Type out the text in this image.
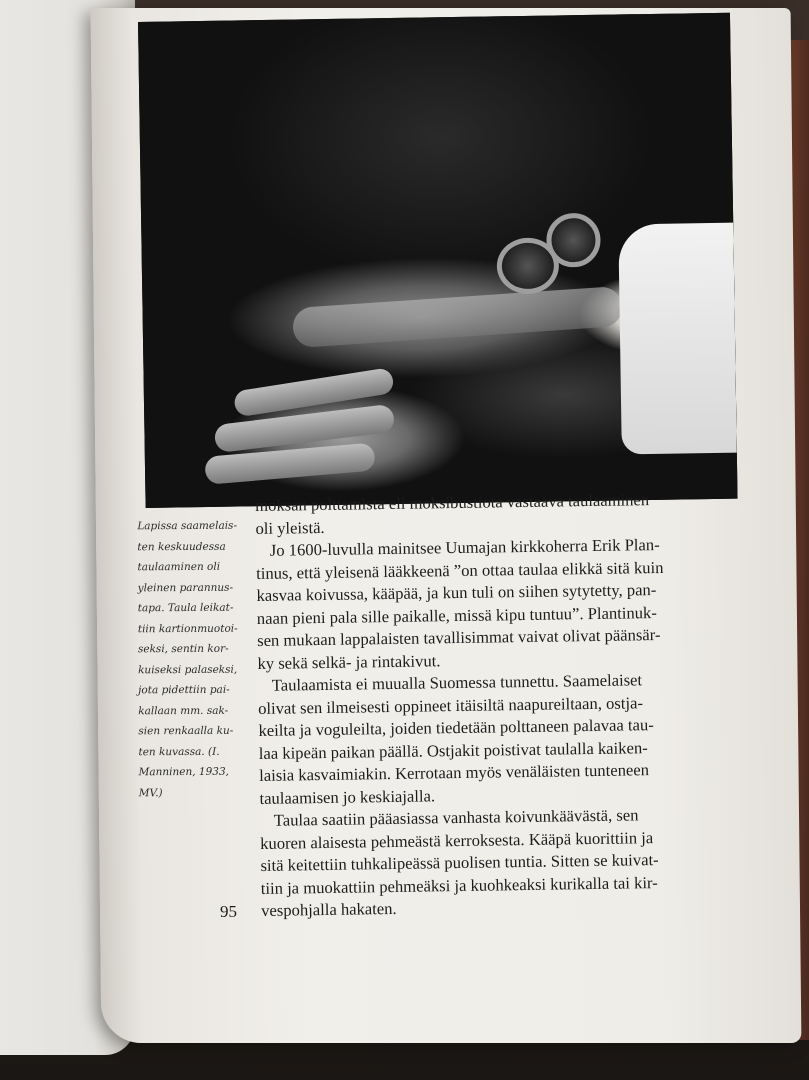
Lapissa saamelais-
ten keskuudessa
taulaaminen oli
yleinen parannus-
tapa. Taula leikat-
tiin kartionmuotoi-
seksi, sentin kor-
kuiseksi palaseksi,
jota pidettiin pai-
kallaan mm. sak-
sien renkaalla ku-
ten kuvassa. (I.
Manninen, 1933,
MV.)
moksan polttamista eli moksibustiota vastaava taulaaminen
oli yleistä.
Jo 1600-luvulla mainitsee Uumajan kirkkoherra Erik Plan-
tinus, että yleisenä lääkkeenä ”on ottaa taulaa elikkä sitä kuin
kasvaa koivussa, kääpää, ja kun tuli on siihen sytytetty, pan-
naan pieni pala sille paikalle, missä kipu tuntuu”. Plantinuk-
sen mukaan lappalaisten tavallisimmat vaivat olivat päänsär-
ky sekä selkä- ja rintakivut.
Taulaamista ei muualla Suomessa tunnettu. Saamelaiset
olivat sen ilmeisesti oppineet itäisiltä naapureiltaan, ostja-
keilta ja voguleilta, joiden tiedetään polttaneen palavaa tau-
laa kipeän paikan päällä. Ostjakit poistivat taulalla kaiken-
laisia kasvaimiakin. Kerrotaan myös venäläisten tunteneen
taulaamisen jo keskiajalla.
Taulaa saatiin pääasiassa vanhasta koivunkäävästä, sen
kuoren alaisesta pehmeästä kerroksesta. Kääpä kuorittiin ja
sitä keitettiin tuhkalipeässä puolisen tuntia. Sitten se kuivat-
tiin ja muokattiin pehmeäksi ja kuohkeaksi kurikalla tai kir-
vespohjalla hakaten.
95
